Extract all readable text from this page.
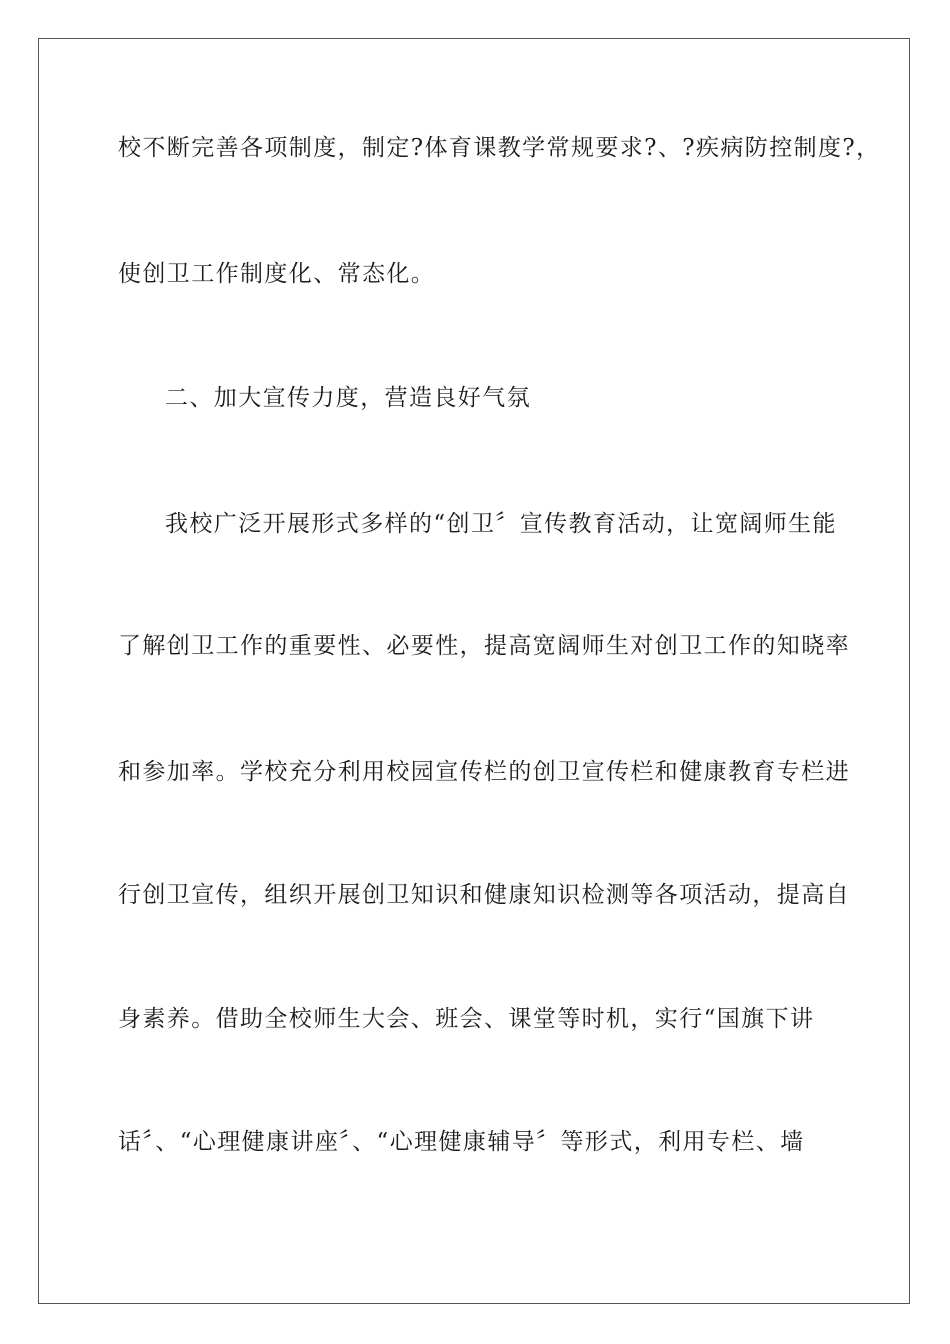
校不断完善各项制度，制定?体育课教学常规要求?、?疾病防控制度?，
使创卫工作制度化、常态化。
二、加大宣传力度，营造良好气氛
我校广泛开展形式多样的“创卫〞宣传教育活动，让宽阔师生能
了解创卫工作的重要性、必要性，提高宽阔师生对创卫工作的知晓率
和参加率。学校充分利用校园宣传栏的创卫宣传栏和健康教育专栏进
行创卫宣传，组织开展创卫知识和健康知识检测等各项活动，提高自
身素养。借助全校师生大会、班会、课堂等时机，实行“国旗下讲
话〞、“心理健康讲座〞、“心理健康辅导〞等形式，利用专栏、墙
